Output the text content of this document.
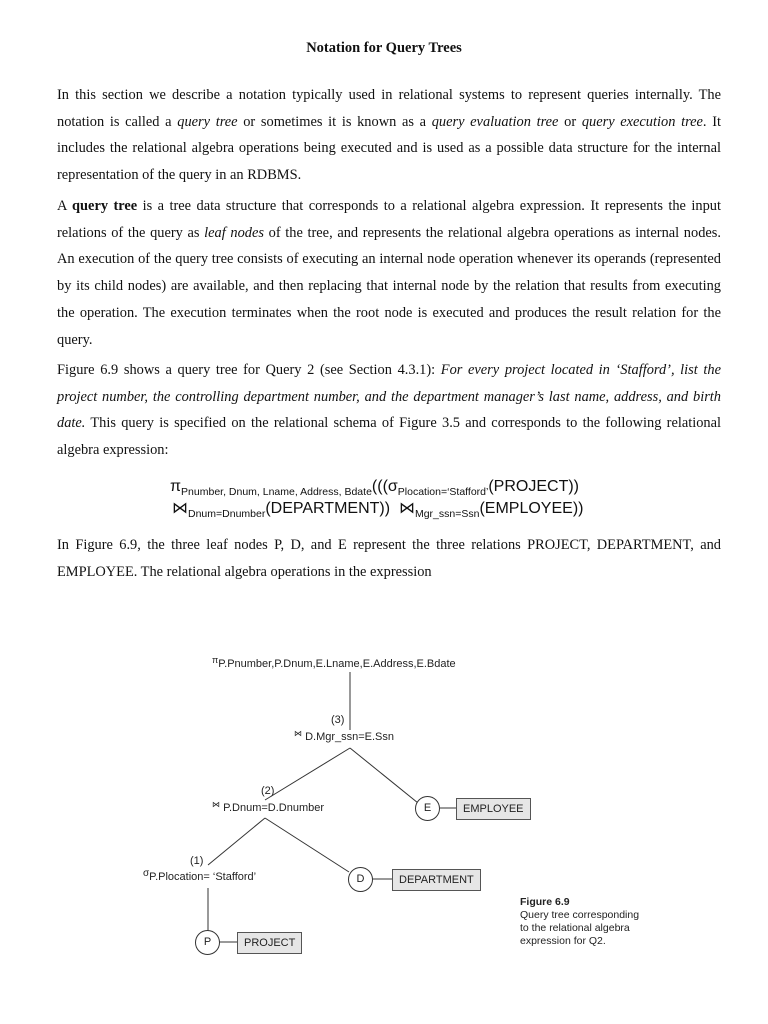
Notation for Query Trees

In this section we describe a notation typically used in relational systems to represent queries internally. The notation is called a query tree or sometimes it is known as a query evaluation tree or query execution tree. It includes the relational algebra operations being executed and is used as a possible data structure for the internal representation of the query in an RDBMS.

A query tree is a tree data structure that corresponds to a relational algebra expression. It represents the input relations of the query as leaf nodes of the tree, and represents the relational algebra operations as internal nodes. An execution of the query tree consists of executing an internal node operation whenever its operands (represented by its child nodes) are available, and then replacing that internal node by the relation that results from executing the operation. The execution terminates when the root node is executed and produces the result relation for the query.

Figure 6.9 shows a query tree for Query 2 (see Section 4.3.1): For every project located in ‘Stafford’, list the project number, the controlling department number, and the department manager’s last name, address, and birth date. This query is specified on the relational schema of Figure 3.5 and corresponds to the following relational algebra expression:

$\pi_{Pnumber, Dnum, Lname, Address, Bdate}(((\sigma_{Plocation=‘Stafford’}(PROJECT))$
$⋈_{Dnum=Dnumber}(DEPARTMENT)$) $⋈_{Mgr\_ssn=Ssn}(EMPLOYEE)$)

In Figure 6.9, the three leaf nodes P, D, and E represent the three relations PROJECT, DEPARTMENT, and EMPLOYEE. The relational algebra operations in the expression

$^\pi$P.Pnumber,P.Dnum,E.Lname,E.Address,E.Bdate
(3)
⋈ D.Mgr_ssn=E.Ssn
(2)
⋈ P.Dnum=D.Dnumber
(1)
σP.Plocation= ‘Stafford’
E	EMPLOYEE
D	DEPARTMENT
P	PROJECT
Figure 6.9
Query tree corresponding
to the relational algebra
expression for Q2.
